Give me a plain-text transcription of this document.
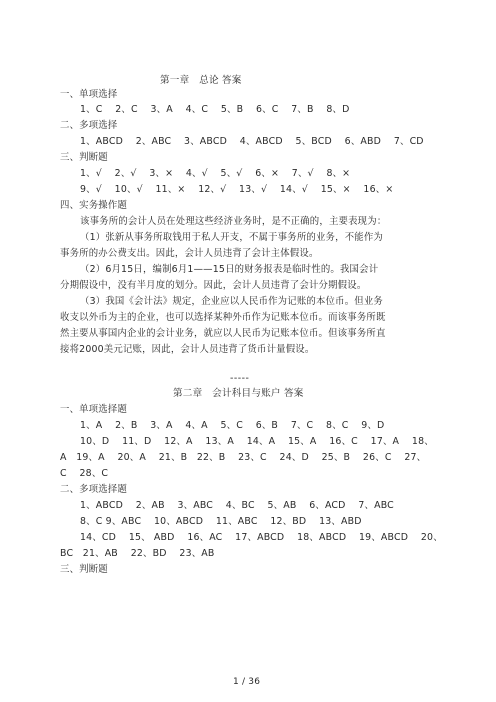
第一章　总论 答案
一、单项选择
1、C　 2、C　 3、A　 4、C　 5、B　 6、C　 7、B　 8、D
二、多项选择
1、ABCD　 2、ABC　 3、ABCD　 4、ABCD　 5、BCD　 6、ABD　 7、CD
三、判断题
1、√　 2、√　 3、×　 4、√　 5、√　 6、×　 7、√　 8、×
9、√　 10、√　 11、×　 12、√　 13、√　 14、√　 15、×　 16、×
四、实务操作题
该事务所的会计人员在处理这些经济业务时，是不正确的，主要表现为：
（1）张新从事务所取钱用于私人开支，不属于事务所的业务，不能作为
事务所的办公费支出。因此，会计人员违背了会计主体假设。
（2）6月15日，编制6月1——15日的财务报表是临时性的。我国会计
分期假设中，没有半月度的划分。因此，会计人员违背了会计分期假设。
（3）我国《会计法》规定，企业应以人民币作为记账的本位币。但业务
收支以外币为主的企业，也可以选择某种外币作为记账本位币。而该事务所既
然主要从事国内企业的会计业务，就应以人民币为记账本位币。但该事务所直
接将2000美元记账，因此，会计人员违背了货币计量假设。
-----
第二章　会计科目与账户 答案
一、单项选择题
1、A　 2、B　 3、A　 4、A　 5、C　 6、B　 7、C　 8、C　 9、D
10、D　 11、D　 12、A　 13、A　 14、A　 15、A　 16、C　 17、A　 18、
A　19、A　 20、A　 21、B　22、B　 23、C　 24、D　 25、B　 26、C　 27、
C　 28、C
二、多项选择题
1、ABCD　 2、AB　 3、ABC　 4、BC　 5、AB　 6、ACD　 7、ABC
8、C 9、ABC　 10、ABCD　 11、ABC　 12、BD　 13、ABD
14、CD　 15、 ABD　 16、AC　 17、ABCD　 18、ABCD　 19、ABCD　 20、
BC　21、AB　 22、BD　 23、AB
三、判断题
1 / 36
